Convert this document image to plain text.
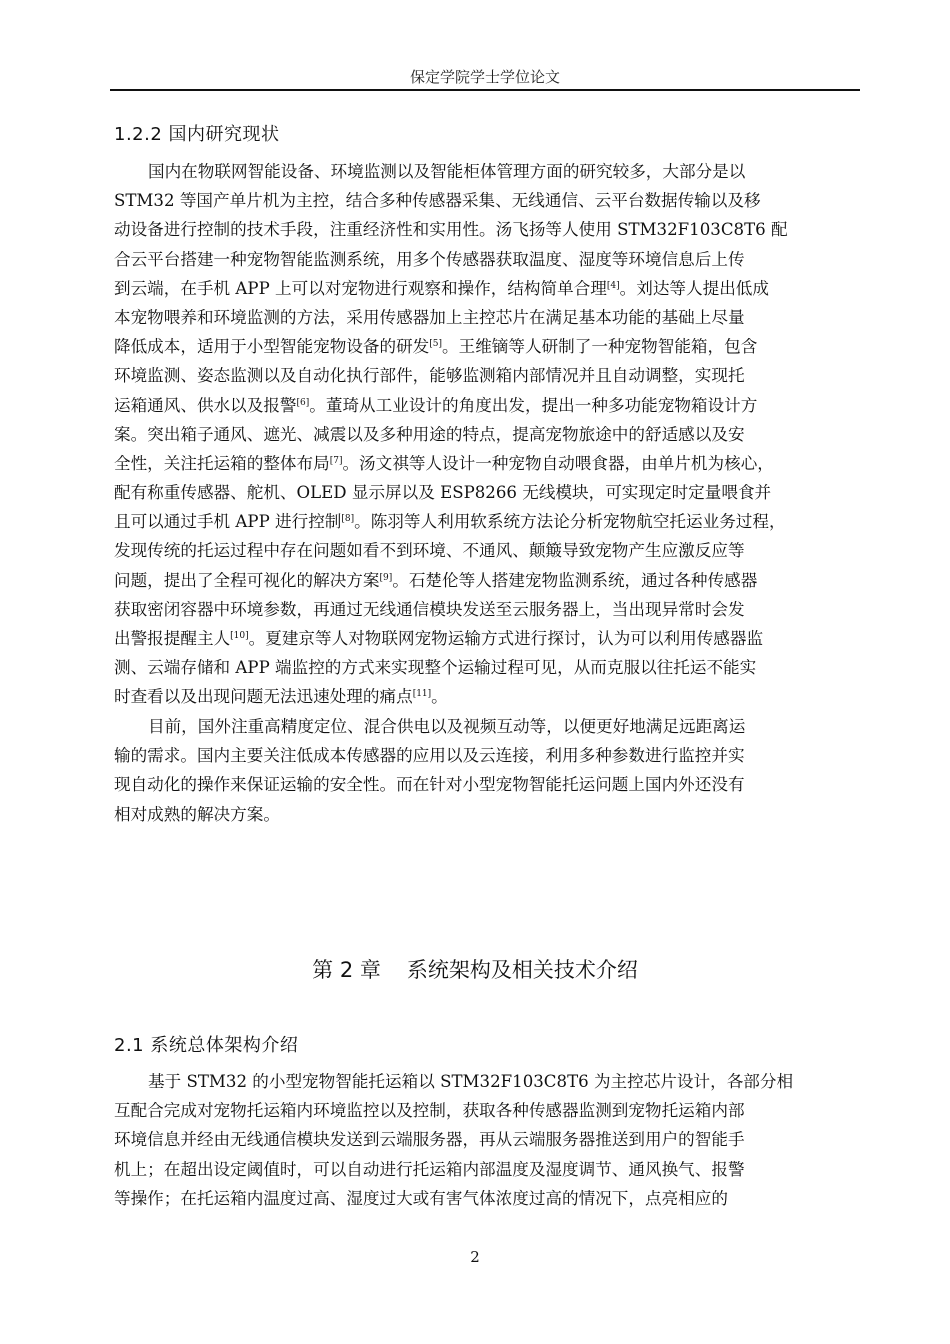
保定学院学士学位论文
1.2.2 国内研究现状
国内在物联网智能设备、环境监测以及智能柜体管理方面的研究较多，大部分是以
STM32 等国产单片机为主控，结合多种传感器采集、无线通信、云平台数据传输以及移
动设备进行控制的技术手段，注重经济性和实用性。汤飞扬等人使用 STM32F103C8T6 配
合云平台搭建一种宠物智能监测系统，用多个传感器获取温度、湿度等环境信息后上传
到云端，在手机 APP 上可以对宠物进行观察和操作，结构简单合理[4]。刘达等人提出低成
本宠物喂养和环境监测的方法，采用传感器加上主控芯片在满足基本功能的基础上尽量
降低成本，适用于小型智能宠物设备的研发[5]。王维镝等人研制了一种宠物智能箱，包含
环境监测、姿态监测以及自动化执行部件，能够监测箱内部情况并且自动调整，实现托
运箱通风、供水以及报警[6]。董琦从工业设计的角度出发，提出一种多功能宠物箱设计方
案。突出箱子通风、遮光、减震以及多种用途的特点，提高宠物旅途中的舒适感以及安
全性，关注托运箱的整体布局[7]。汤文祺等人设计一种宠物自动喂食器，由单片机为核心，
配有称重传感器、舵机、OLED 显示屏以及 ESP8266 无线模块，可实现定时定量喂食并
且可以通过手机 APP 进行控制[8]。陈羽等人利用软系统方法论分析宠物航空托运业务过程，
发现传统的托运过程中存在问题如看不到环境、不通风、颠簸导致宠物产生应激反应等
问题，提出了全程可视化的解决方案[9]。石楚伦等人搭建宠物监测系统，通过各种传感器
获取密闭容器中环境参数，再通过无线通信模块发送至云服务器上，当出现异常时会发
出警报提醒主人[10]。夏建京等人对物联网宠物运输方式进行探讨，认为可以利用传感器监
测、云端存储和 APP 端监控的方式来实现整个运输过程可见，从而克服以往托运不能实
时查看以及出现问题无法迅速处理的痛点[11]。
目前，国外注重高精度定位、混合供电以及视频互动等，以便更好地满足远距离运
输的需求。国内主要关注低成本传感器的应用以及云连接，利用多种参数进行监控并实
现自动化的操作来保证运输的安全性。而在针对小型宠物智能托运问题上国内外还没有
相对成熟的解决方案。
第 2 章 系统架构及相关技术介绍
2.1 系统总体架构介绍
基于 STM32 的小型宠物智能托运箱以 STM32F103C8T6 为主控芯片设计，各部分相
互配合完成对宠物托运箱内环境监控以及控制，获取各种传感器监测到宠物托运箱内部
环境信息并经由无线通信模块发送到云端服务器，再从云端服务器推送到用户的智能手
机上；在超出设定阈值时，可以自动进行托运箱内部温度及湿度调节、通风换气、报警
等操作；在托运箱内温度过高、湿度过大或有害气体浓度过高的情况下，点亮相应的
2
